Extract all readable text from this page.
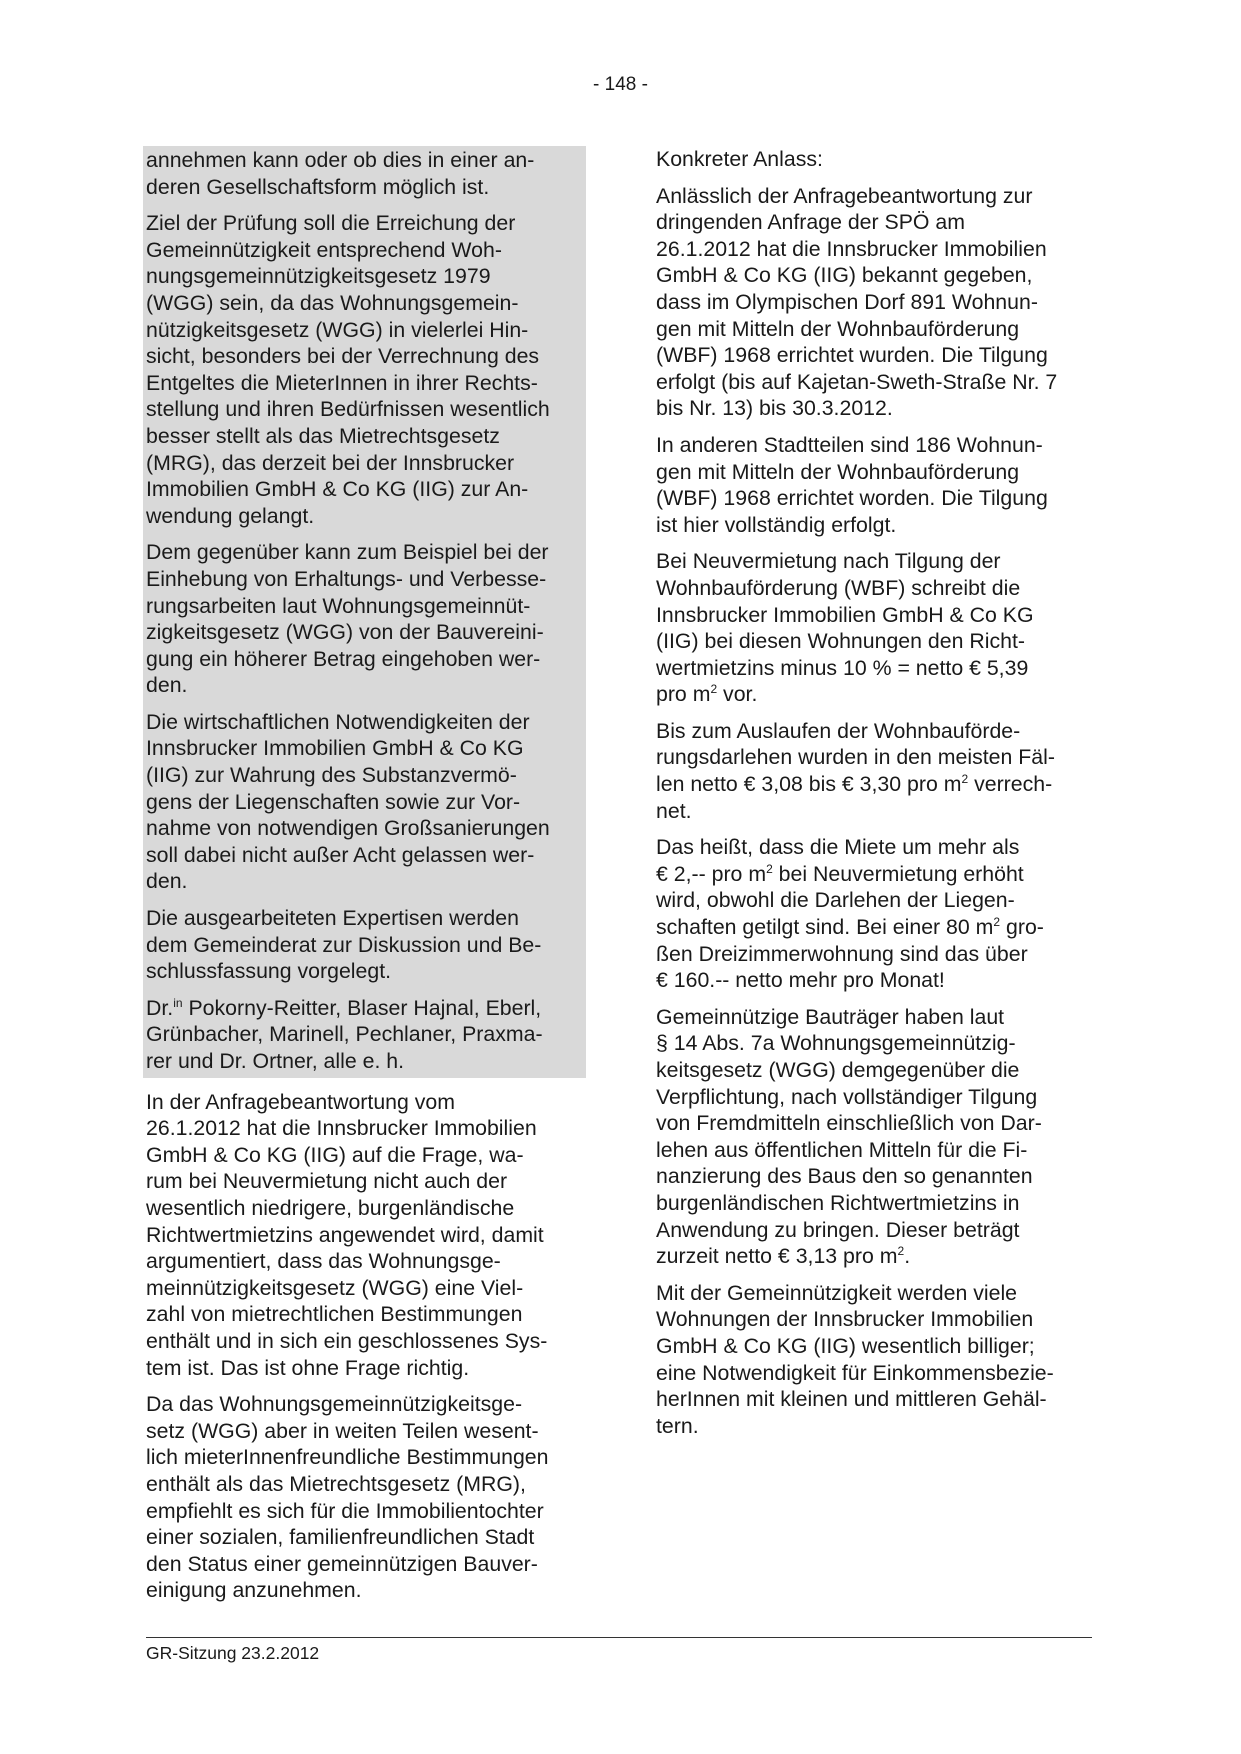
- 148 -

annehmen kann oder ob dies in einer an-
deren Gesellschaftsform möglich ist.

Ziel der Prüfung soll die Erreichung der
Gemeinnützigkeit entsprechend Woh-
nungsgemeinnützigkeitsgesetz 1979
(WGG) sein, da das Wohnungsgemein-
nützigkeitsgesetz (WGG) in vielerlei Hin-
sicht, besonders bei der Verrechnung des
Entgeltes die MieterInnen in ihrer Rechts-
stellung und ihren Bedürfnissen wesentlich
besser stellt als das Mietrechtsgesetz
(MRG), das derzeit bei der Innsbrucker
Immobilien GmbH & Co KG (IIG) zur An-
wendung gelangt.

Dem gegenüber kann zum Beispiel bei der
Einhebung von Erhaltungs- und Verbesse-
rungsarbeiten laut Wohnungsgemeinnüt-
zigkeitsgesetz (WGG) von der Bauvereini-
gung ein höherer Betrag eingehoben wer-
den.

Die wirtschaftlichen Notwendigkeiten der
Innsbrucker Immobilien GmbH & Co KG
(IIG) zur Wahrung des Substanzvermö-
gens der Liegenschaften sowie zur Vor-
nahme von notwendigen Großsanierungen
soll dabei nicht außer Acht gelassen wer-
den.

Die ausgearbeiteten Expertisen werden
dem Gemeinderat zur Diskussion und Be-
schlussfassung vorgelegt.

Dr.$^{in}$ Pokorny-Reitter, Blaser Hajnal, Eberl,
Grünbacher, Marinell, Pechlaner, Praxma-
rer und Dr. Ortner, alle e. h.

In der Anfragebeantwortung vom
26.1.2012 hat die Innsbrucker Immobilien
GmbH & Co KG (IIG) auf die Frage, wa-
rum bei Neuvermietung nicht auch der
wesentlich niedrigere, burgenländische
Richtwertmietzins angewendet wird, damit
argumentiert, dass das Wohnungsge-
meinnützigkeitsgesetz (WGG) eine Viel-
zahl von mietrechtlichen Bestimmungen
enthält und in sich ein geschlossenes Sys-
tem ist. Das ist ohne Frage richtig.

Da das Wohnungsgemeinnützigkeitsge-
setz (WGG) aber in weiten Teilen wesent-
lich mieterInnenfreundliche Bestimmungen
enthält als das Mietrechtsgesetz (MRG),
empfiehlt es sich für die Immobilientochter
einer sozialen, familienfreundlichen Stadt
den Status einer gemeinnützigen Bauver-
einigung anzunehmen.

Konkreter Anlass:

Anlässlich der Anfragebeantwortung zur
dringenden Anfrage der SPÖ am
26.1.2012 hat die Innsbrucker Immobilien
GmbH & Co KG (IIG) bekannt gegeben,
dass im Olympischen Dorf 891 Wohnun-
gen mit Mitteln der Wohnbauförderung
(WBF) 1968 errichtet wurden. Die Tilgung
erfolgt (bis auf Kajetan-Sweth-Straße Nr. 7
bis Nr. 13) bis 30.3.2012.

In anderen Stadtteilen sind 186 Wohnun-
gen mit Mitteln der Wohnbauförderung
(WBF) 1968 errichtet worden. Die Tilgung
ist hier vollständig erfolgt.

Bei Neuvermietung nach Tilgung der
Wohnbauförderung (WBF) schreibt die
Innsbrucker Immobilien GmbH & Co KG
(IIG) bei diesen Wohnungen den Richt-
wertmietzins minus 10 % = netto € 5,39
pro $m^2$ vor.

Bis zum Auslaufen der Wohnbauförde-
rungsdarlehen wurden in den meisten Fäl-
len netto € 3,08 bis € 3,30 pro $m^2$ verrech-
net.

Das heißt, dass die Miete um mehr als
€ 2,-- pro $m^2$ bei Neuvermietung erhöht
wird, obwohl die Darlehen der Liegen-
schaften getilgt sind. Bei einer 80 $m^2$ gro-
ßen Dreizimmerwohnung sind das über
€ 160.-- netto mehr pro Monat!

Gemeinnützige Bauträger haben laut
§ 14 Abs. 7a Wohnungsgemeinnützig-
keitsgesetz (WGG) demgegenüber die
Verpflichtung, nach vollständiger Tilgung
von Fremdmitteln einschließlich von Dar-
lehen aus öffentlichen Mitteln für die Fi-
nanzierung des Baus den so genannten
burgenländischen Richtwertmietzins in
Anwendung zu bringen. Dieser beträgt
zurzeit netto € 3,13 pro $m^2$.

Mit der Gemeinnützigkeit werden viele
Wohnungen der Innsbrucker Immobilien
GmbH & Co KG (IIG) wesentlich billiger;
eine Notwendigkeit für Einkommensbezie-
herInnen mit kleinen und mittleren Gehäl-
tern.

GR-Sitzung 23.2.2012
